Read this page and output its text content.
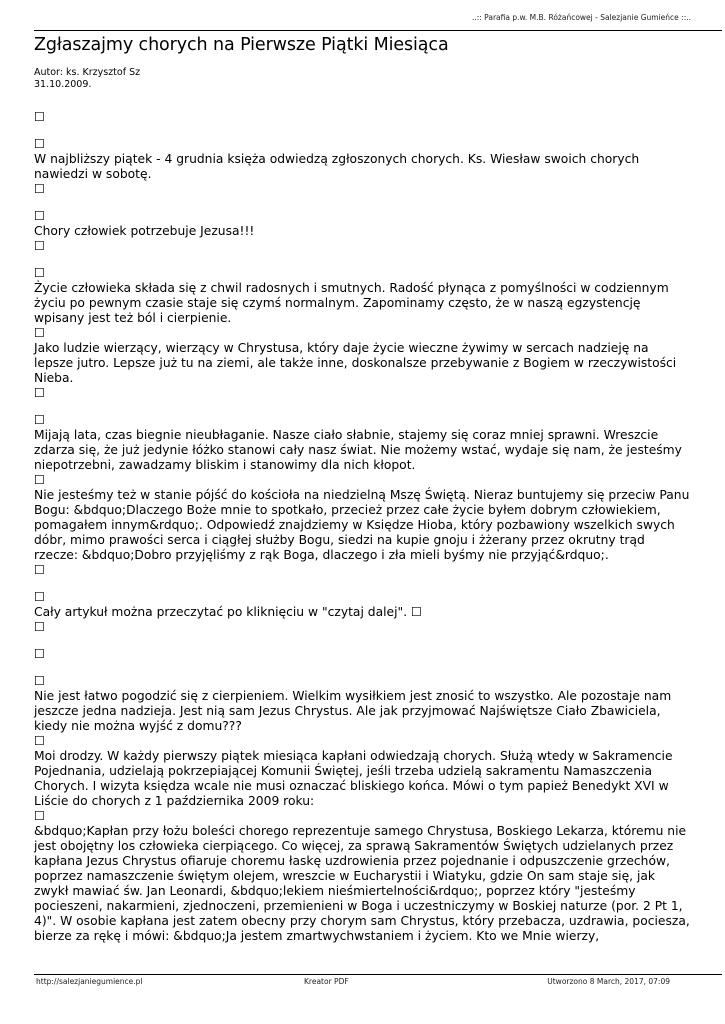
..:: Parafia p.w. M.B. Różańcowej - Salezjanie Gumieńce ::..
Zgłaszajmy chorych na Pierwsze Piątki Miesiąca
Autor: ks. Krzysztof Sz
31.10.2009.
☐
☐

W najbliższy piątek - 4 grudnia księża odwiedzą zgłoszonych chorych. Ks. Wiesław swoich chorych nawiedzi w sobotę.

☐
☐

Chory człowiek potrzebuje Jezusa!!!

☐
☐

Życie człowieka składa się z chwil radosnych i smutnych. Radość płynąca z pomyślności w codziennym życiu po pewnym czasie staje się czymś normalnym. Zapominamy często, że w naszą egzystencję wpisany jest też ból i cierpienie.

☐

Jako ludzie wierzący, wierzący w Chrystusa, który daje życie wieczne żywimy w sercach nadzieję na lepsze jutro. Lepsze już tu na ziemi, ale także inne, doskonalsze przebywanie z Bogiem w rzeczywistości Nieba.

☐
☐

Mijają lata, czas biegnie nieubłaganie. Nasze ciało słabnie, stajemy się coraz mniej sprawni. Wreszcie zdarza się, że już jedynie łóżko stanowi cały nasz świat. Nie możemy wstać, wydaje się nam, że jesteśmy niepotrzebni, zawadzamy bliskim i stanowimy dla nich kłopot.

☐

Nie jesteśmy też w stanie pójść do kościoła na niedzielną Mszę Świętą. Nieraz buntujemy się przeciw Panu Bogu: &bdquo;Dlaczego Boże mnie to spotkało, przecież przez całe życie byłem dobrym człowiekiem, pomagałem innym&rdquo;. Odpowiedź znajdziemy w Księdze Hioba, który pozbawiony wszelkich swych dóbr, mimo prawości serca i ciągłej służby Bogu, siedzi na kupie gnoju i żżerany przez okrutny trąd rzecze: &bdquo;Dobro przyjęliśmy z rąk Boga, dlaczego i zła mieli byśmy nie przyjąć&rdquo;.

☐
☐

Cały artykuł można przeczytać po kliknięciu w "czytaj dalej". ☐

☐
☐
☐

Nie jest łatwo pogodzić się z cierpieniem. Wielkim wysiłkiem jest znosić to wszystko. Ale pozostaje nam jeszcze jedna nadzieja. Jest nią sam Jezus Chrystus. Ale jak przyjmować Najświętsze Ciało Zbawiciela, kiedy nie można wyjść z domu???

☐

Moi drodzy. W każdy pierwszy piątek miesiąca kapłani odwiedzają chorych. Służą wtedy w Sakramencie Pojednania, udzielają pokrzepiającej Komunii Świętej, jeśli trzeba udzielą sakramentu Namaszczenia Chorych. I wizyta księdza wcale nie musi oznaczać bliskiego końca. Mówi o tym papież Benedykt XVI w Liście do chorych z 1 października 2009 roku:

☐

&bdquo;Kapłan przy łożu boleści chorego reprezentuje samego Chrystusa, Boskiego Lekarza, któremu nie jest obojętny los człowieka cierpiącego. Co więcej, za sprawą Sakramentów Świętych udzielanych przez kapłana Jezus Chrystus ofiaruje choremu łaskę uzdrowienia przez pojednanie i odpuszczenie grzechów, poprzez namaszczenie świętym olejem, wreszcie w Eucharystii i Wiatyku, gdzie On sam staje się, jak zwykł mawiać św. Jan Leonardi, &bdquo;lekiem nieśmiertelności&rdquo;, poprzez który "jesteśmy pocieszeni, nakarmieni, zjednoczeni, przemienieni w Boga i uczestniczymy w Boskiej naturze (por. 2 Pt 1, 4)". W osobie kapłana jest zatem obecny przy chorym sam Chrystus, który przebacza, uzdrawia, pociesza, bierze za rękę i mówi: &bdquo;Ja jestem zmartwychwstaniem i życiem. Kto we Mnie wierzy,

http://salezjaniegumience.pl	Kreator PDF	Utworzono 8 March, 2017, 07:09
